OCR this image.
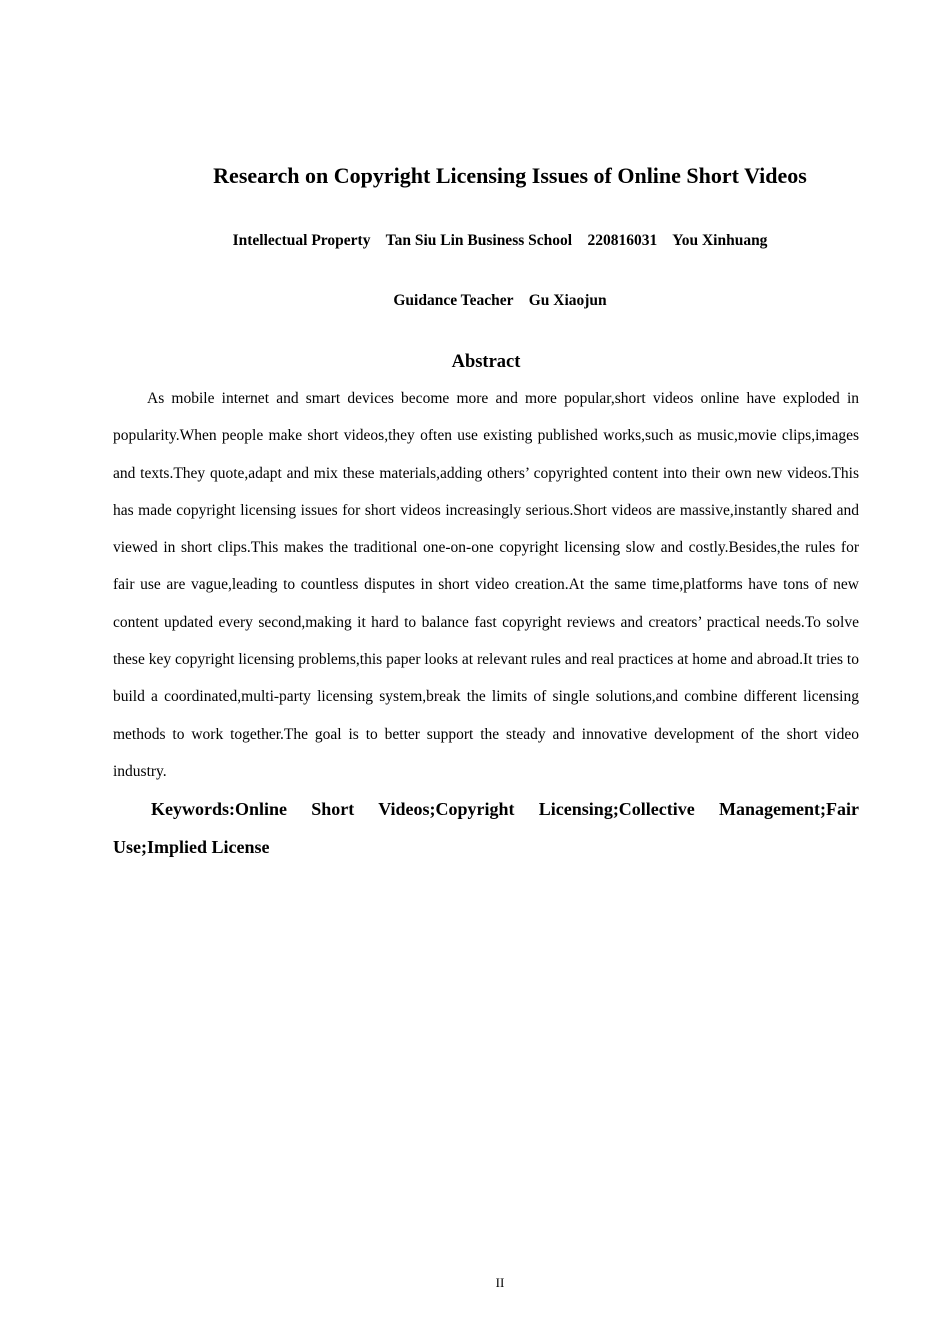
Research on Copyright Licensing Issues of Online Short Videos
Intellectual Property    Tan Siu Lin Business School    220816031    You Xinhuang
Guidance Teacher    Gu Xiaojun
Abstract

As mobile internet and smart devices become more and more popular,short videos online have exploded in popularity.When people make short videos,they often use existing published works,such as music,movie clips,images and texts.They quote,adapt and mix these materials,adding others’ copyrighted content into their own new videos.This has made copyright licensing issues for short videos increasingly serious.Short videos are massive,instantly shared and viewed in short clips.This makes the traditional one-on-one copyright licensing slow and costly.Besides,the rules for fair use are vague,leading to countless disputes in short video creation.At the same time,platforms have tons of new content updated every second,making it hard to balance fast copyright reviews and creators’ practical needs.To solve these key copyright licensing problems,this paper looks at relevant rules and real practices at home and abroad.It tries to build a coordinated,multi-party licensing system,break the limits of single solutions,and combine different licensing methods to work together.The goal is to better support the steady and innovative development of the short video industry.

Keywords:Online Short Videos;Copyright Licensing;Collective Management;Fair Use;Implied License

II
